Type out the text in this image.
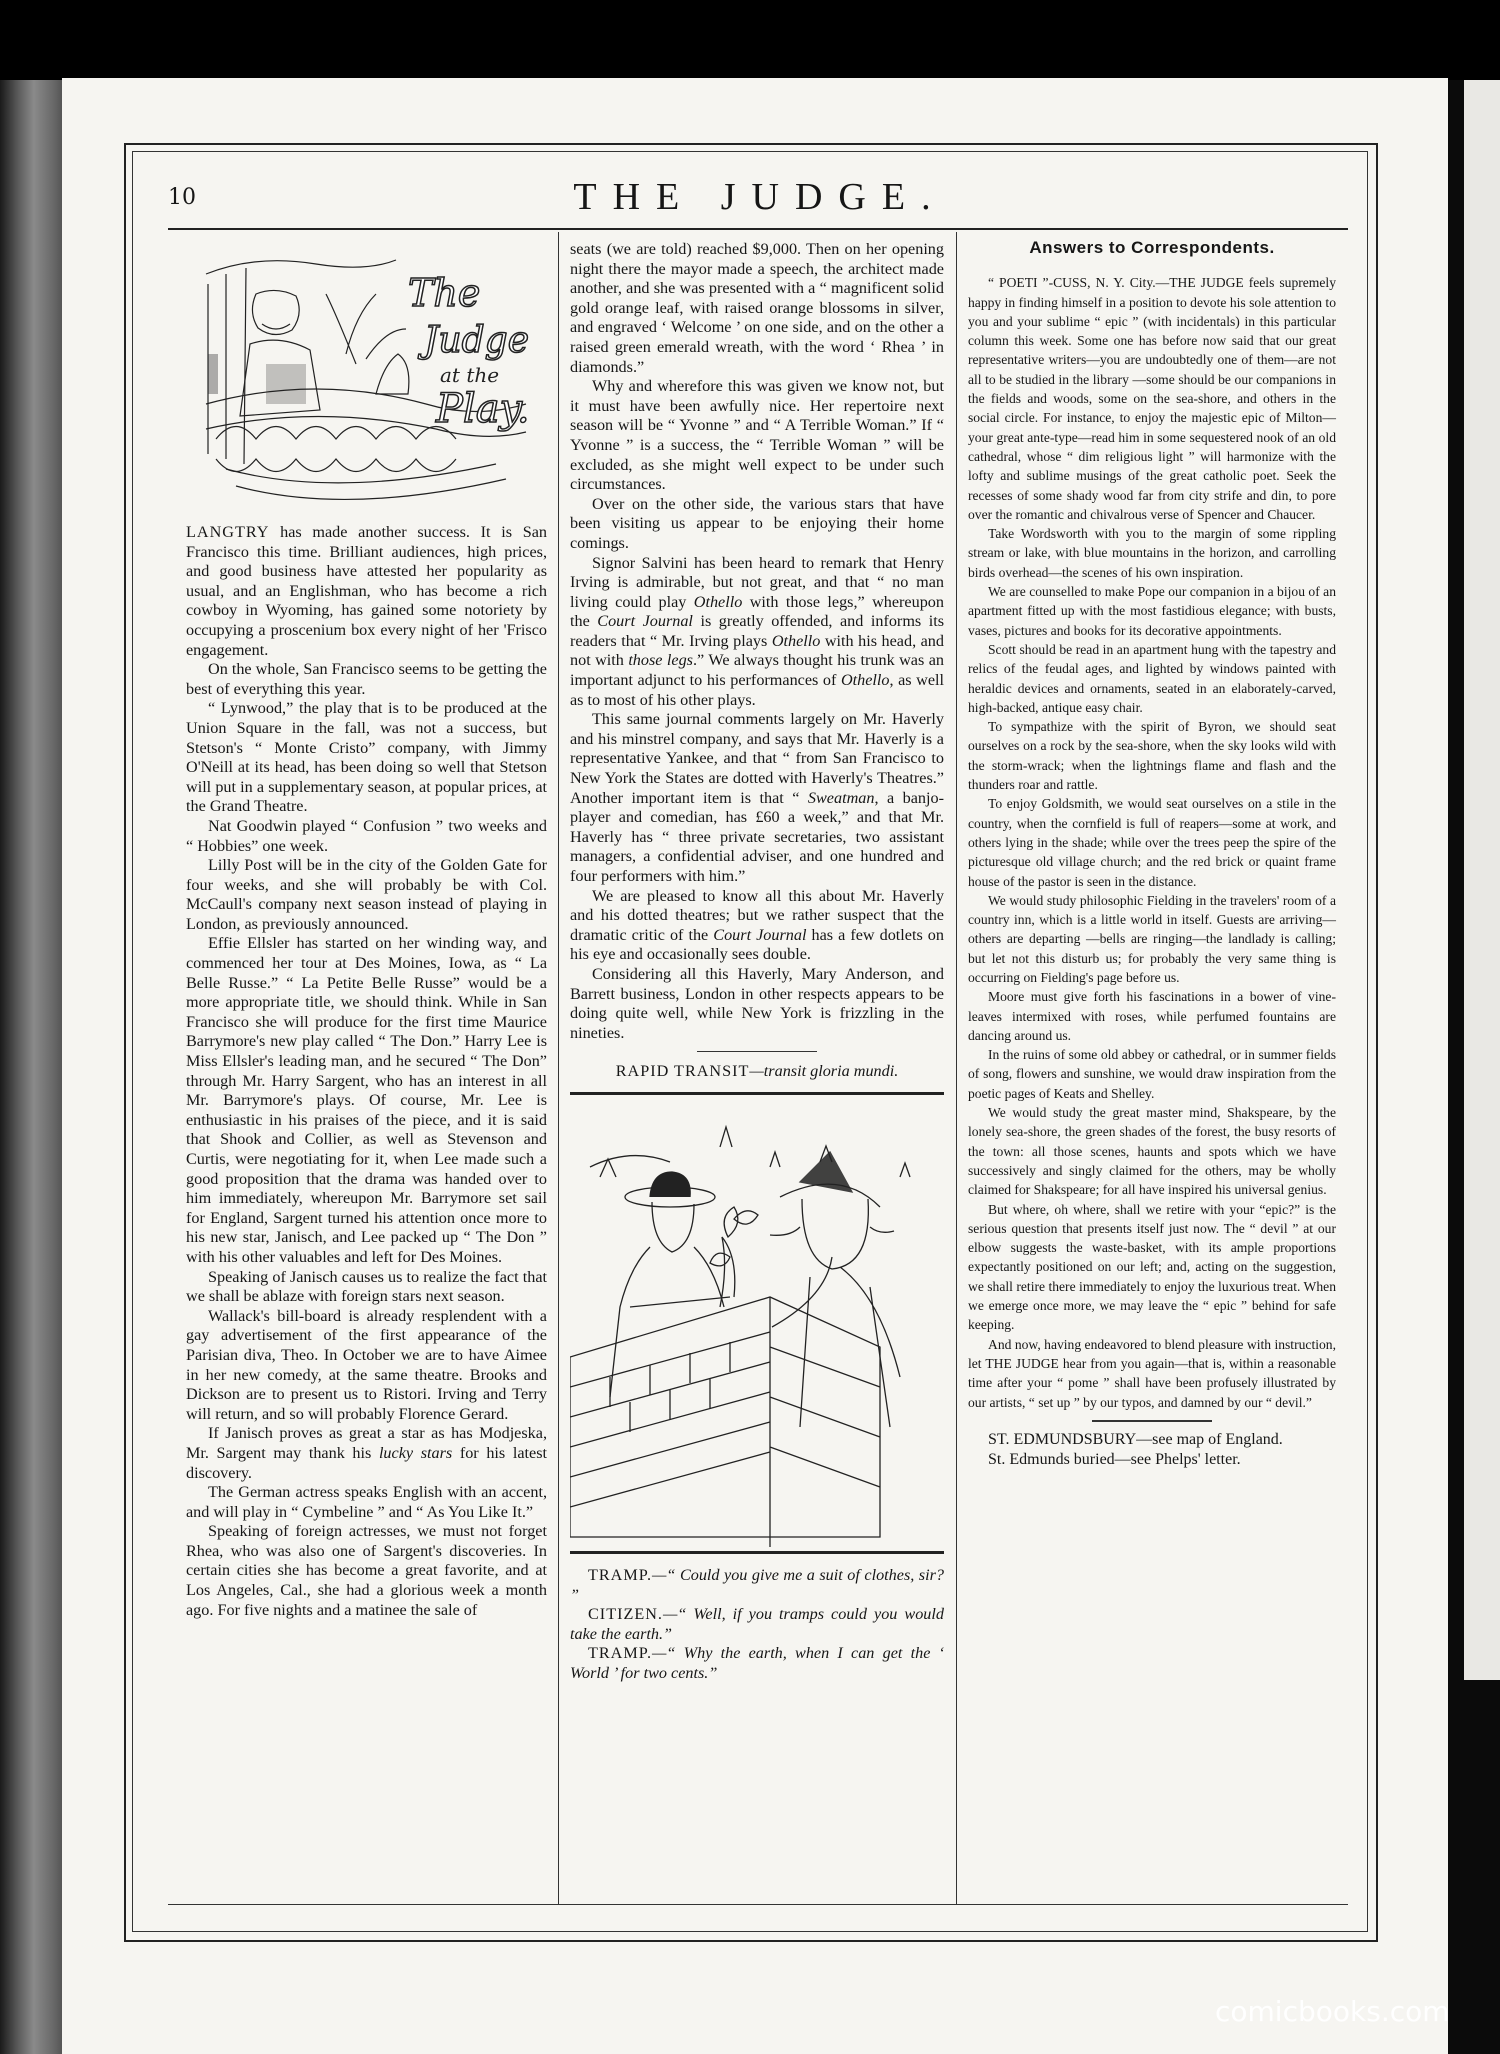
10	THE JUDGE.
The
Judge
at the
Play.

LANGTRY has made another success. It is San Francisco this time. Brilliant audiences, high prices, and good business have attested her popularity as usual, and an Englishman, who has become a rich cowboy in Wyoming, has gained some notoriety by occupying a proscenium box every night of her 'Frisco engagement.

On the whole, San Francisco seems to be getting the best of everything this year.

“ Lynwood,” the play that is to be produced at the Union Square in the fall, was not a success, but Stetson's “ Monte Cristo” company, with Jimmy O'Neill at its head, has been doing so well that Stetson will put in a supplementary season, at popular prices, at the Grand Theatre.

Nat Goodwin played “ Confusion ” two weeks and “ Hobbies” one week.

Lilly Post will be in the city of the Golden Gate for four weeks, and she will probably be with Col. McCaull's company next season instead of playing in London, as previously announced.

Effie Ellsler has started on her winding way, and commenced her tour at Des Moines, Iowa, as “ La Belle Russe.” “ La Petite Belle Russe” would be a more appropriate title, we should think. While in San Francisco she will produce for the first time Maurice Barrymore's new play called “ The Don.” Harry Lee is Miss Ellsler's leading man, and he secured “ The Don” through Mr. Harry Sargent, who has an interest in all Mr. Barrymore's plays. Of course, Mr. Lee is enthusiastic in his praises of the piece, and it is said that Shook and Collier, as well as Stevenson and Curtis, were negotiating for it, when Lee made such a good proposition that the drama was handed over to him immediately, whereupon Mr. Barrymore set sail for England, Sargent turned his attention once more to his new star, Janisch, and Lee packed up “ The Don ” with his other valuables and left for Des Moines.

Speaking of Janisch causes us to realize the fact that we shall be ablaze with foreign stars next season.

Wallack's bill-board is already resplendent with a gay advertisement of the first appearance of the Parisian diva, Theo. In October we are to have Aimee in her new comedy, at the same theatre. Brooks and Dickson are to present us to Ristori. Irving and Terry will return, and so will probably Florence Gerard.

If Janisch proves as great a star as has Modjeska, Mr. Sargent may thank his lucky stars for his latest discovery.

The German actress speaks English with an accent, and will play in “ Cymbeline ” and “ As You Like It.”

Speaking of foreign actresses, we must not forget Rhea, who was also one of Sargent's discoveries. In certain cities she has become a great favorite, and at Los Angeles, Cal., she had a glorious week a month ago. For five nights and a matinee the sale of

seats (we are told) reached $9,000. Then on her opening night there the mayor made a speech, the architect made another, and she was presented with a “ magnificent solid gold orange leaf, with raised orange blossoms in silver, and engraved ‘ Welcome ’ on one side, and on the other a raised green emerald wreath, with the word ‘ Rhea ’ in diamonds.”

Why and wherefore this was given we know not, but it must have been awfully nice. Her repertoire next season will be “ Yvonne ” and “ A Terrible Woman.” If “ Yvonne ” is a success, the “ Terrible Woman ” will be excluded, as she might well expect to be under such circumstances.

Over on the other side, the various stars that have been visiting us appear to be enjoying their home comings.

Signor Salvini has been heard to remark that Henry Irving is admirable, but not great, and that “ no man living could play Othello with those legs,” whereupon the Court Journal is greatly offended, and informs its readers that “ Mr. Irving plays Othello with his head, and not with those legs.” We always thought his trunk was an important adjunct to his performances of Othello, as well as to most of his other plays.

This same journal comments largely on Mr. Haverly and his minstrel company, and says that Mr. Haverly is a representative Yankee, and that “ from San Francisco to New York the States are dotted with Haverly's Theatres.” Another important item is that “ Sweatman, a banjo-player and comedian, has £60 a week,” and that Mr. Haverly has “ three private secretaries, two assistant managers, a confidential adviser, and one hundred and four performers with him.”

We are pleased to know all this about Mr. Haverly and his dotted theatres; but we rather suspect that the dramatic critic of the Court Journal has a few dotlets on his eye and occasionally sees double.

Considering all this Haverly, Mary Anderson, and Barrett business, London in other respects appears to be doing quite well, while New York is frizzling in the nineties.

RAPID TRANSIT—transit gloria mundi.

TRAMP.—“ Could you give me a suit of clothes, sir? ”

CITIZEN.—“ Well, if you tramps could you would take the earth.”

TRAMP.—“ Why the earth, when I can get the ‘ World ’ for two cents.”

Answers to Correspondents.

“ POETI ”-CUSS, N. Y. City.—THE JUDGE feels supremely happy in finding himself in a position to devote his sole attention to you and your sublime “ epic ” (with incidentals) in this particular column this week. Some one has before now said that our great representative writers—you are undoubtedly one of them—are not all to be studied in the library —some should be our companions in the fields and woods, some on the sea-shore, and others in the social circle. For instance, to enjoy the majestic epic of Milton—your great ante-type—read him in some sequestered nook of an old cathedral, whose “ dim religious light ” will harmonize with the lofty and sublime musings of the great catholic poet. Seek the recesses of some shady wood far from city strife and din, to pore over the romantic and chivalrous verse of Spencer and Chaucer.

Take Wordsworth with you to the margin of some rippling stream or lake, with blue mountains in the horizon, and carrolling birds overhead—the scenes of his own inspiration.

We are counselled to make Pope our companion in a bijou of an apartment fitted up with the most fastidious elegance; with busts, vases, pictures and books for its decorative appointments.

Scott should be read in an apartment hung with the tapestry and relics of the feudal ages, and lighted by windows painted with heraldic devices and ornaments, seated in an elaborately-carved, high-backed, antique easy chair.

To sympathize with the spirit of Byron, we should seat ourselves on a rock by the sea-shore, when the sky looks wild with the storm-wrack; when the lightnings flame and flash and the thunders roar and rattle.

To enjoy Goldsmith, we would seat ourselves on a stile in the country, when the cornfield is full of reapers—some at work, and others lying in the shade; while over the trees peep the spire of the picturesque old village church; and the red brick or quaint frame house of the pastor is seen in the distance.

We would study philosophic Fielding in the travelers' room of a country inn, which is a little world in itself. Guests are arriving—others are departing —bells are ringing—the landlady is calling; but let not this disturb us; for probably the very same thing is occurring on Fielding's page before us.

Moore must give forth his fascinations in a bower of vine-leaves intermixed with roses, while perfumed fountains are dancing around us.

In the ruins of some old abbey or cathedral, or in summer fields of song, flowers and sunshine, we would draw inspiration from the poetic pages of Keats and Shelley.

We would study the great master mind, Shakspeare, by the lonely sea-shore, the green shades of the forest, the busy resorts of the town: all those scenes, haunts and spots which we have successively and singly claimed for the others, may be wholly claimed for Shakspeare; for all have inspired his universal genius.

But where, oh where, shall we retire with your “epic?” is the serious question that presents itself just now. The “ devil ” at our elbow suggests the waste-basket, with its ample proportions expectantly positioned on our left; and, acting on the suggestion, we shall retire there immediately to enjoy the luxurious treat. When we emerge once more, we may leave the “ epic ” behind for safe keeping.

And now, having endeavored to blend pleasure with instruction, let THE JUDGE hear from you again—that is, within a reasonable time after your “ pome ” shall have been profusely illustrated by our artists, “ set up ” by our typos, and damned by our “ devil.”

ST. EDMUNDSBURY—see map of England.

St. Edmunds buried—see Phelps' letter.

comicbooks.com
